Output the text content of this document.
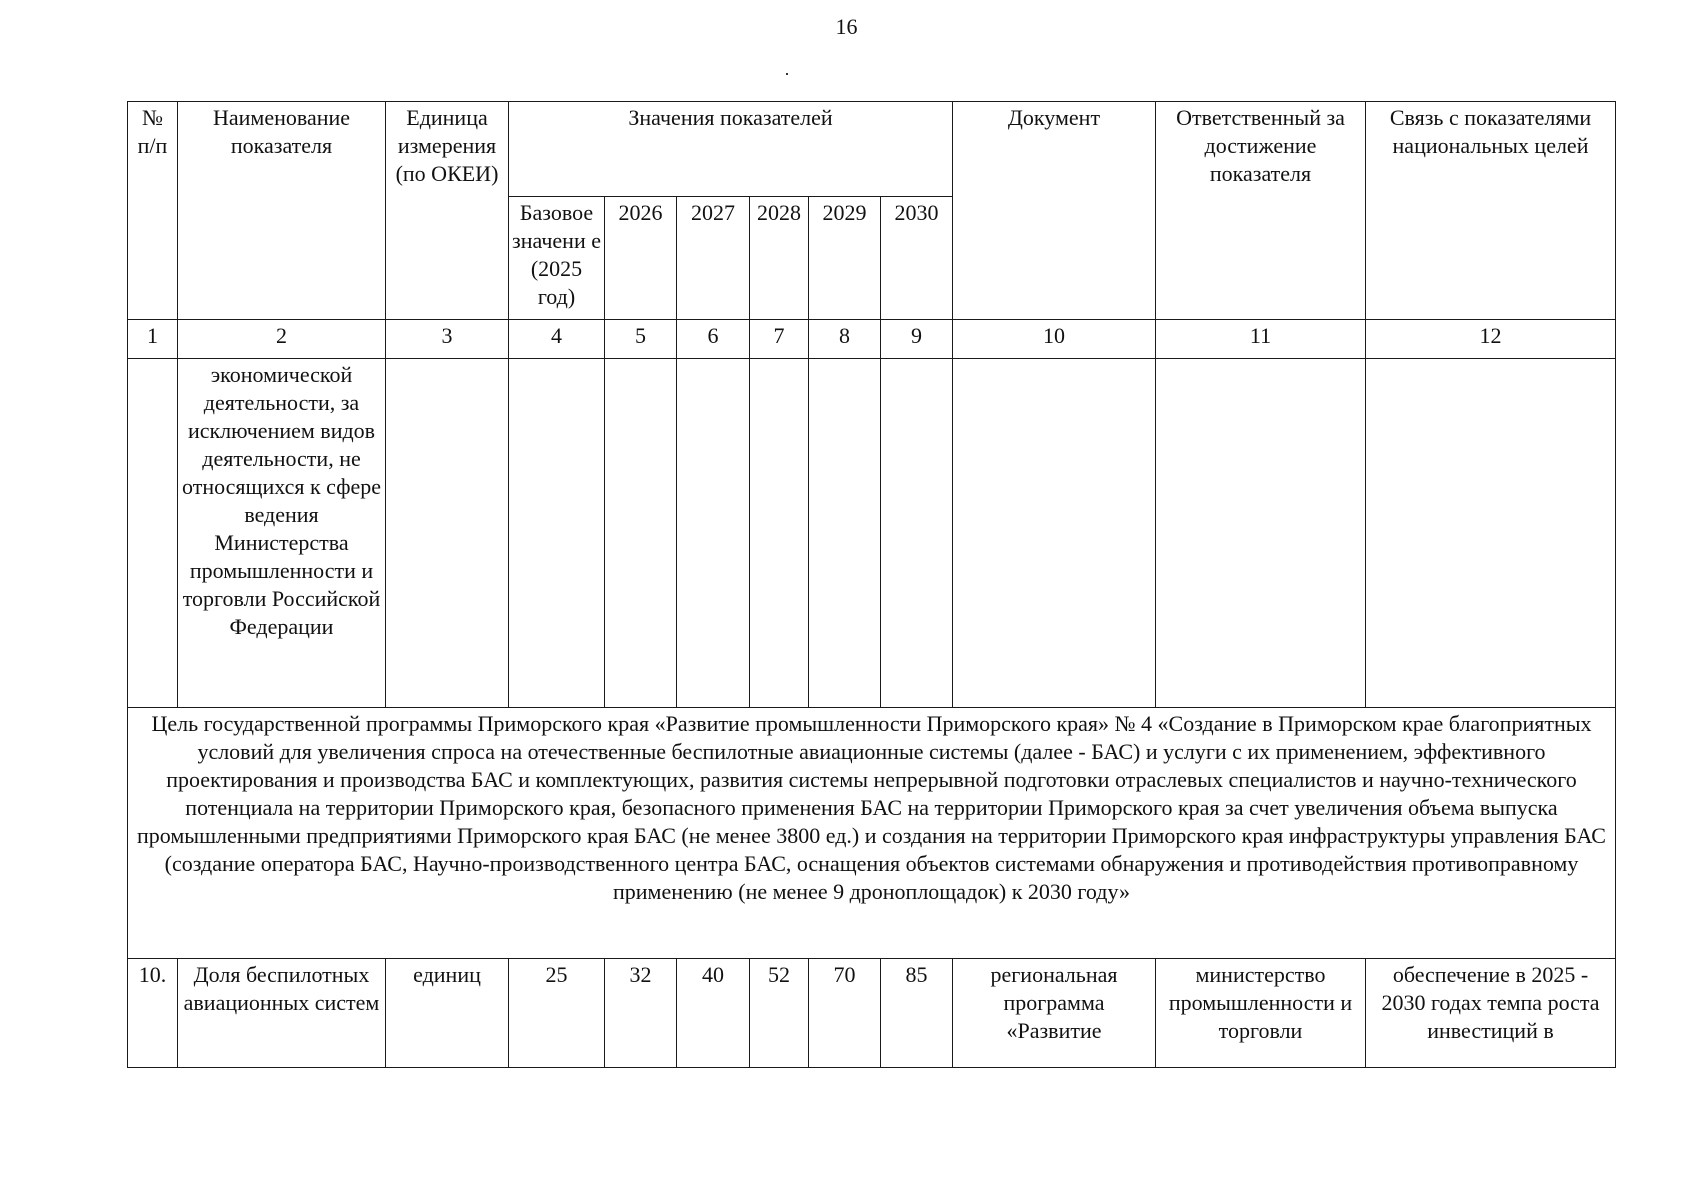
16
№ п/п	Наименование показателя	Единица измерения (по ОКЕИ)	Значения показателей						Документ	Ответственный за достижение показателя	Связь с показателями национальных целей
			Базовое значени е (2025 год)	2026	2027	2028	2029	2030			
1	2	3	4	5	6	7	8	9	10	11	12
	экономической деятельности, за исключением видов деятельности, не относящихся к сфере ведения Министерства промышленности и торговли Российской Федерации										
Цель государственной программы Приморского края «Развитие промышленности Приморского края» № 4 «Создание в Приморском крае благоприятных условий для увеличения спроса на отечественные беспилотные авиационные системы (далее - БАС) и услуги с их применением, эффективного проектирования и производства БАС и комплектующих, развития системы непрерывной подготовки отраслевых специалистов и научно-технического потенциала на территории Приморского края, безопасного применения БАС на территории Приморского края за счет увеличения объема выпуска промышленными предприятиями Приморского края БАС (не менее 3800 ед.) и создания на территории Приморского края инфраструктуры управления БАС (создание оператора БАС, Научно-производственного центра БАС, оснащения объектов системами обнаружения и противодействия противоправному применению (не менее 9 дроноплощадок) к 2030 году»											
10.	Доля беспилотных авиационных систем	единиц	25	32	40	52	70	85	региональная программа «Развитие	министерство промышленности и торговли	обеспечение в 2025 - 2030 годах темпа роста инвестиций в
